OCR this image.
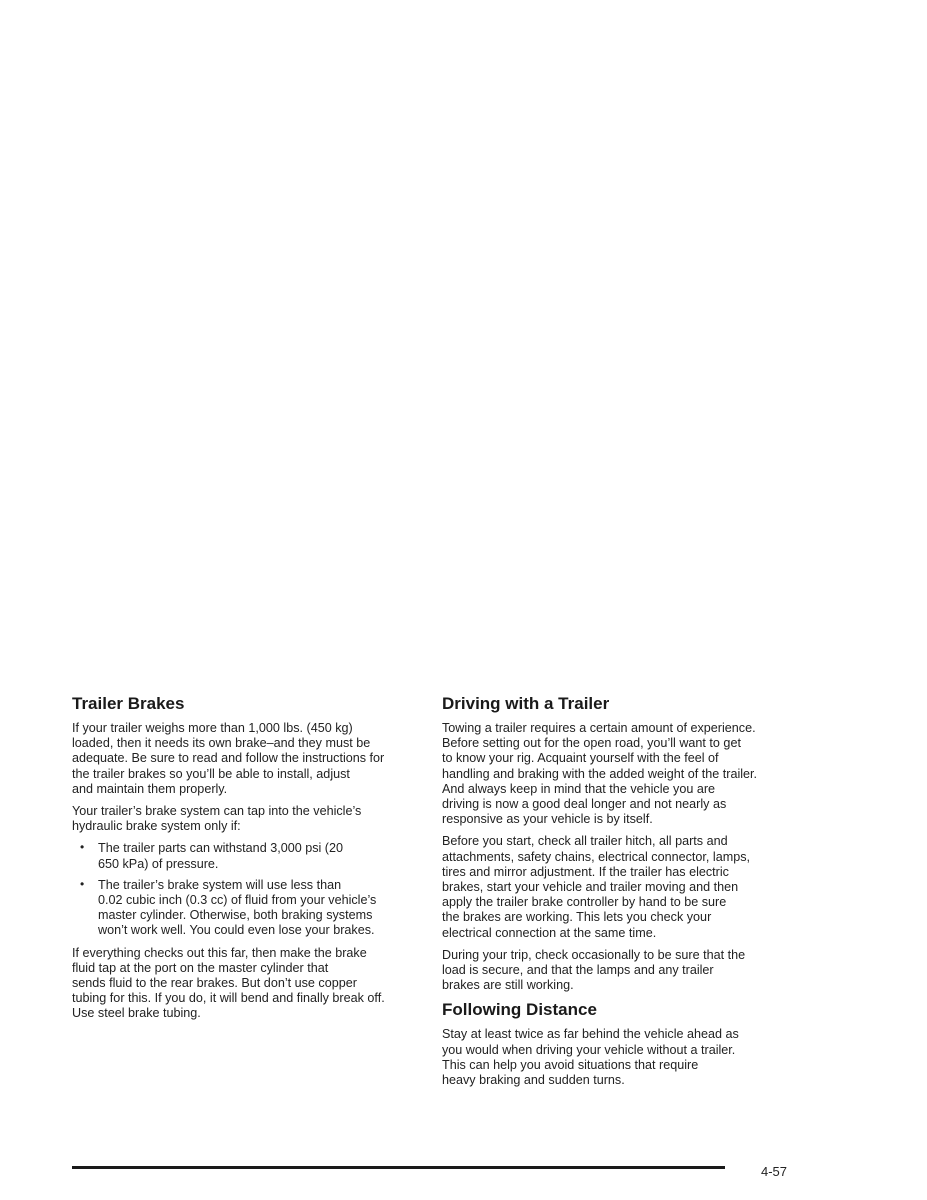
Trailer Brakes

If your trailer weighs more than 1,000 lbs. (450 kg)
loaded, then it needs its own brake–and they must be
adequate. Be sure to read and follow the instructions for
the trailer brakes so you’ll be able to install, adjust
and maintain them properly.

Your trailer’s brake system can tap into the vehicle’s
hydraulic brake system only if:

• The trailer parts can withstand 3,000 psi (20
650 kPa) of pressure.
• The trailer’s brake system will use less than
0.02 cubic inch (0.3 cc) of fluid from your vehicle’s
master cylinder. Otherwise, both braking systems
won’t work well. You could even lose your brakes.

If everything checks out this far, then make the brake
fluid tap at the port on the master cylinder that
sends fluid to the rear brakes. But don’t use copper
tubing for this. If you do, it will bend and finally break off.
Use steel brake tubing.

Driving with a Trailer

Towing a trailer requires a certain amount of experience.
Before setting out for the open road, you’ll want to get
to know your rig. Acquaint yourself with the feel of
handling and braking with the added weight of the trailer.
And always keep in mind that the vehicle you are
driving is now a good deal longer and not nearly as
responsive as your vehicle is by itself.

Before you start, check all trailer hitch, all parts and
attachments, safety chains, electrical connector, lamps,
tires and mirror adjustment. If the trailer has electric
brakes, start your vehicle and trailer moving and then
apply the trailer brake controller by hand to be sure
the brakes are working. This lets you check your
electrical connection at the same time.

During your trip, check occasionally to be sure that the
load is secure, and that the lamps and any trailer
brakes are still working.

Following Distance

Stay at least twice as far behind the vehicle ahead as
you would when driving your vehicle without a trailer.
This can help you avoid situations that require
heavy braking and sudden turns.

4-57
